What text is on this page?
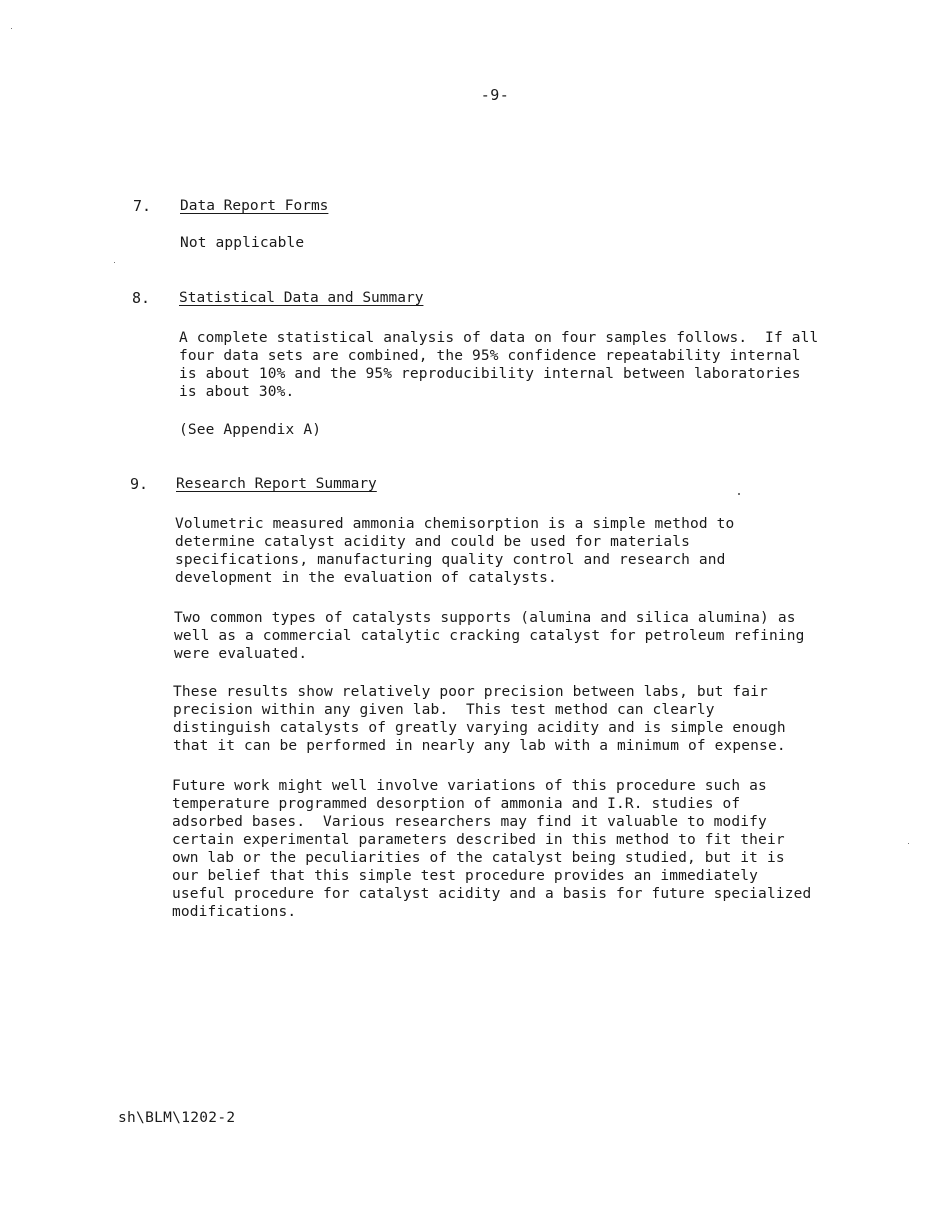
-9-
7.	Data Report Forms
Not applicable
8.	Statistical Data and Summary
A complete statistical analysis of data on four samples follows.  If all
four data sets are combined, the 95% confidence repeatability internal
is about 10% and the 95% reproducibility internal between laboratories
is about 30%.
(See Appendix A)
9.	Research Report Summary
Volumetric measured ammonia chemisorption is a simple method to
determine catalyst acidity and could be used for materials
specifications, manufacturing quality control and research and
development in the evaluation of catalysts.
Two common types of catalysts supports (alumina and silica alumina) as
well as a commercial catalytic cracking catalyst for petroleum refining
were evaluated.
These results show relatively poor precision between labs, but fair
precision within any given lab.  This test method can clearly
distinguish catalysts of greatly varying acidity and is simple enough
that it can be performed in nearly any lab with a minimum of expense.
Future work might well involve variations of this procedure such as
temperature programmed desorption of ammonia and I.R. studies of
adsorbed bases.  Various researchers may find it valuable to modify
certain experimental parameters described in this method to fit their
own lab or the peculiarities of the catalyst being studied, but it is
our belief that this simple test procedure provides an immediately
useful procedure for catalyst acidity and a basis for future specialized
modifications.
sh\BLM\1202-2
